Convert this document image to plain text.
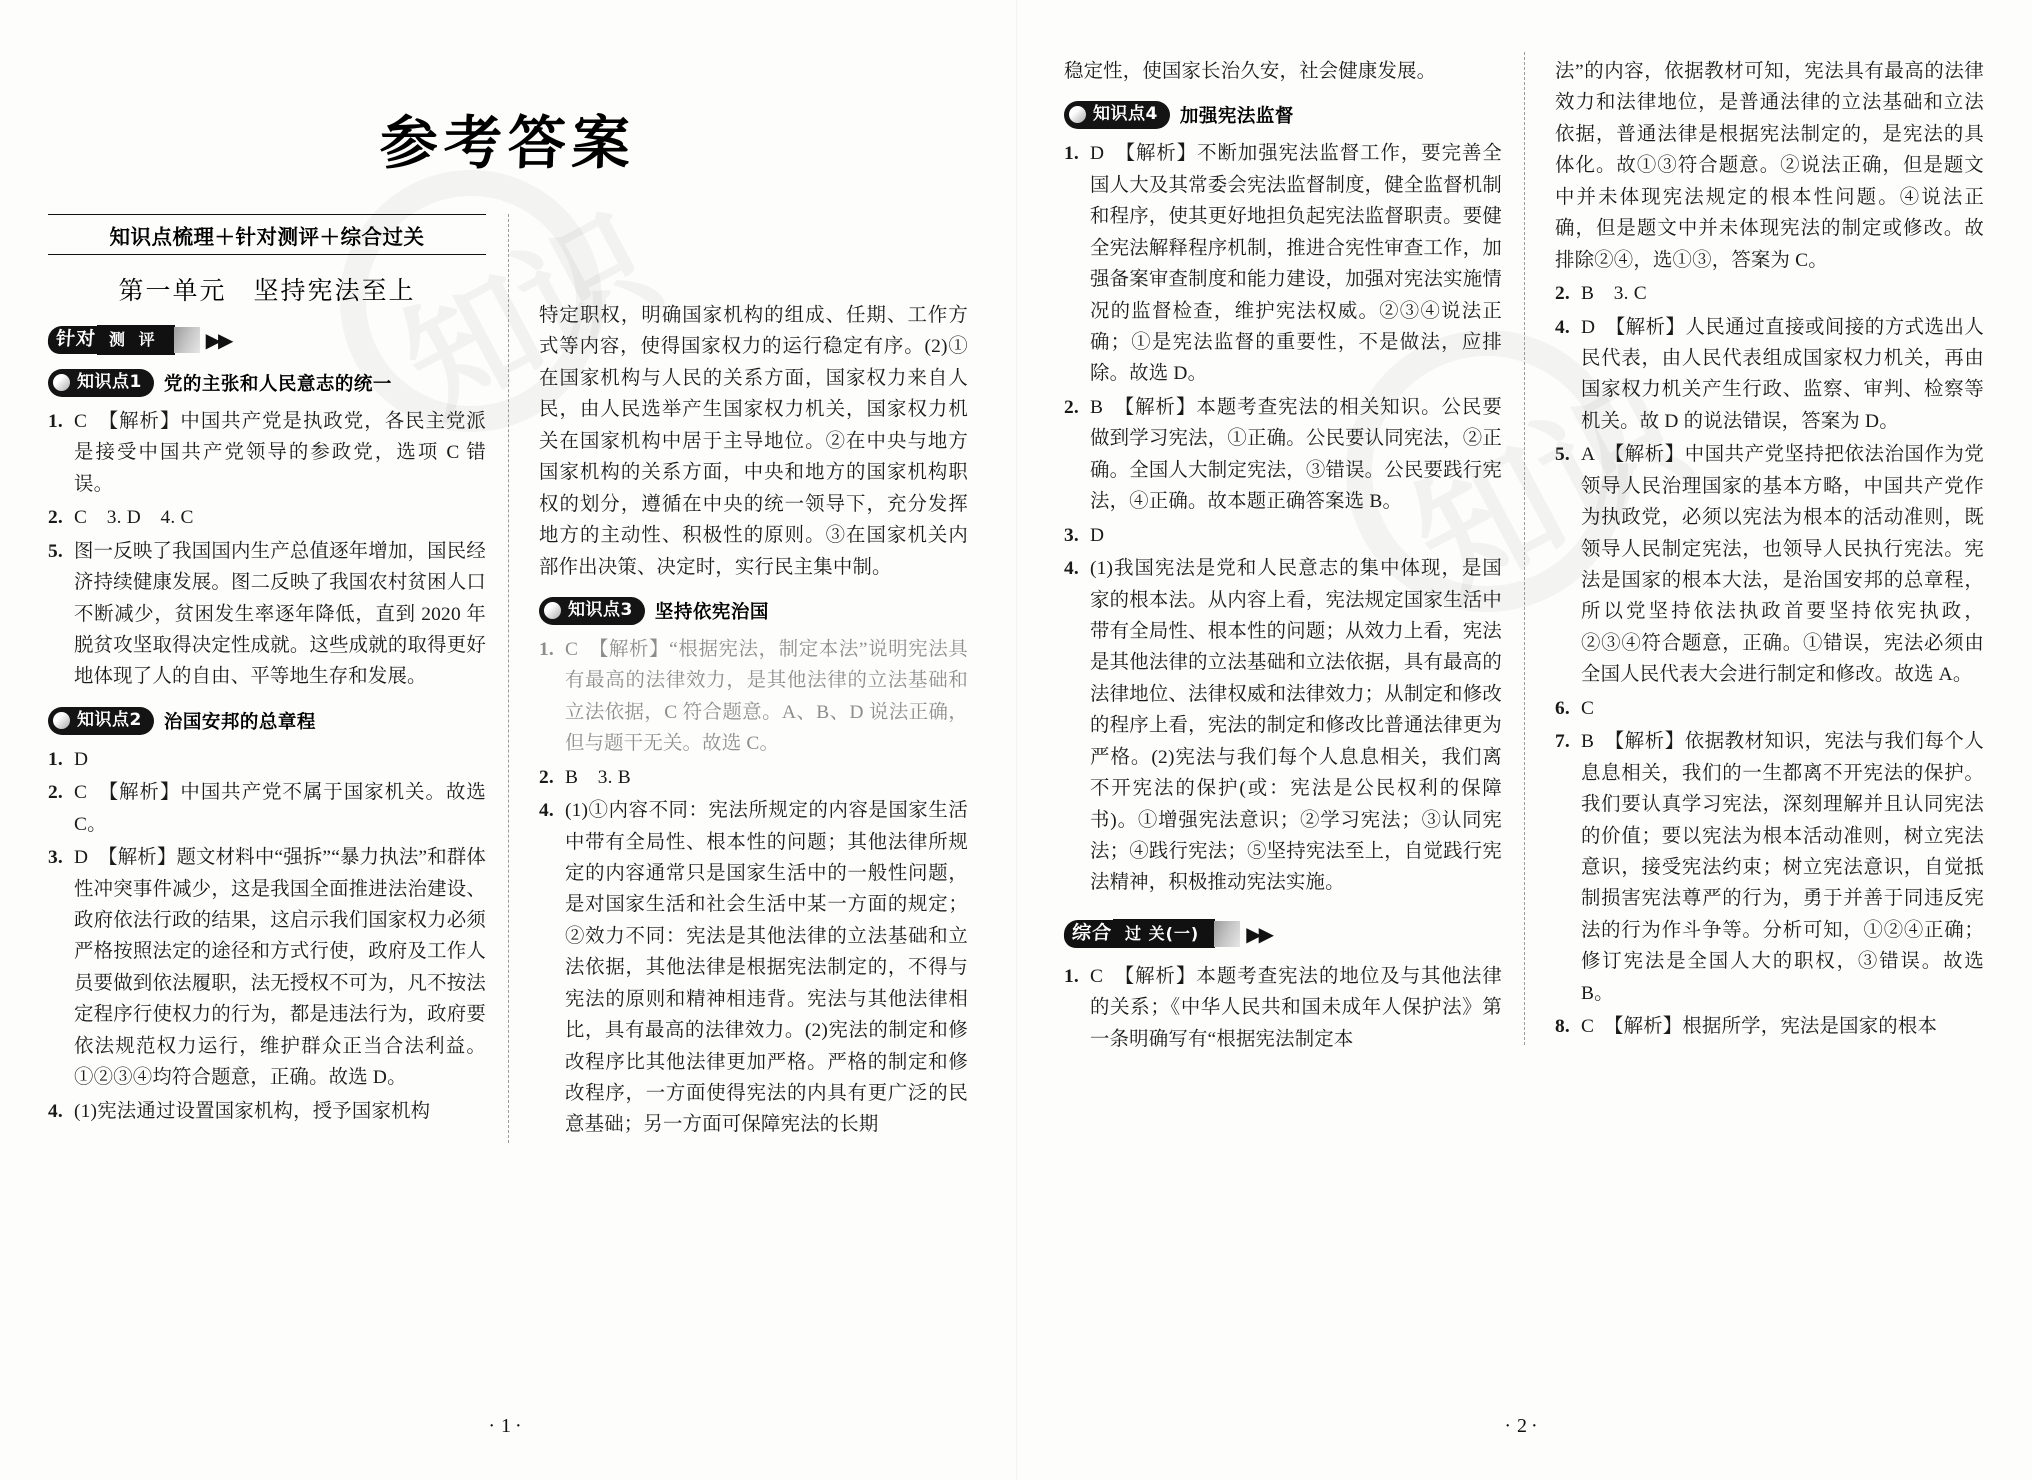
参考答案
知识点梳理＋针对测评＋综合过关
第一单元　坚持宪法至上
针对 测 评	▶▶
知识点1 党的主张和人民意志的统一

1. C　【解析】中国共产党是执政党，各民主党派是接受中国共产党领导的参政党，选项 C 错误。

2. C　3. D　4. C

5. 图一反映了我国国内生产总值逐年增加，国民经济持续健康发展。图二反映了我国农村贫困人口不断减少，贫困发生率逐年降低，直到 2020 年脱贫攻坚取得决定性成就。这些成就的取得更好地体现了人的自由、平等地生存和发展。

知识点2 治国安邦的总章程

1. D

2. C　【解析】中国共产党不属于国家机关。故选 C。

3. D　【解析】题文材料中“强拆”“暴力执法”和群体性冲突事件减少，这是我国全面推进法治建设、政府依法行政的结果，这启示我们国家权力必须严格按照法定的途径和方式行使，政府及工作人员要做到依法履职，法无授权不可为，凡不按法定程序行使权力的行为，都是违法行为，政府要依法规范权力运行，维护群众正当合法利益。①②③④均符合题意，正确。故选 D。

4. (1)宪法通过设置国家机构，授予国家机构

特定职权，明确国家机构的组成、任期、工作方式等内容，使得国家权力的运行稳定有序。(2)①在国家机构与人民的关系方面，国家权力来自人民，由人民选举产生国家权力机关，国家权力机关在国家机构中居于主导地位。②在中央与地方国家机构的关系方面，中央和地方的国家机构职权的划分，遵循在中央的统一领导下，充分发挥地方的主动性、积极性的原则。③在国家机关内部作出决策、决定时，实行民主集中制。

知识点3 坚持依宪治国

1. C　【解析】“根据宪法，制定本法”说明宪法具有最高的法律效力，是其他法律的立法基础和立法依据，C 符合题意。A、B、D 说法正确，但与题干无关。故选 C。

2. B　3. B

4. (1)①内容不同：宪法所规定的内容是国家生活中带有全局性、根本性的问题；其他法律所规定的内容通常只是国家生活中的一般性问题，是对国家生活和社会生活中某一方面的规定；②效力不同：宪法是其他法律的立法基础和立法依据，其他法律是根据宪法制定的，不得与宪法的原则和精神相违背。宪法与其他法律相比，具有最高的法律效力。(2)宪法的制定和修改程序比其他法律更加严格。严格的制定和修改程序，一方面使得宪法的内具有更广泛的民意基础；另一方面可保障宪法的长期

·1·

稳定性，使国家长治久安，社会健康发展。

知识点4 加强宪法监督

1. D　【解析】不断加强宪法监督工作，要完善全国人大及其常委会宪法监督制度，健全监督机制和程序，使其更好地担负起宪法监督职责。要健全宪法解释程序机制，推进合宪性审查工作，加强备案审查制度和能力建设，加强对宪法实施情况的监督检查，维护宪法权威。②③④说法正确；①是宪法监督的重要性，不是做法，应排除。故选 D。

2. B　【解析】本题考查宪法的相关知识。公民要做到学习宪法，①正确。公民要认同宪法，②正确。全国人大制定宪法，③错误。公民要践行宪法，④正确。故本题正确答案选 B。

3. D

4. (1)我国宪法是党和人民意志的集中体现，是国家的根本法。从内容上看，宪法规定国家生活中带有全局性、根本性的问题；从效力上看，宪法是其他法律的立法基础和立法依据，具有最高的法律地位、法律权威和法律效力；从制定和修改的程序上看，宪法的制定和修改比普通法律更为严格。(2)宪法与我们每个人息息相关，我们离不开宪法的保护(或：宪法是公民权利的保障书)。①增强宪法意识；②学习宪法；③认同宪法；④践行宪法；⑤坚持宪法至上，自觉践行宪法精神，积极推动宪法实施。

综合 过 关(一)	▶▶

1. C　【解析】本题考查宪法的地位及与其他法律的关系；《中华人民共和国未成年人保护法》第一条明确写有“根据宪法制定本

法”的内容，依据教材可知，宪法具有最高的法律效力和法律地位，是普通法律的立法基础和立法依据，普通法律是根据宪法制定的，是宪法的具体化。故①③符合题意。②说法正确，但是题文中并未体现宪法规定的根本性问题。④说法正确，但是题文中并未体现宪法的制定或修改。故排除②④，选①③，答案为 C。

2. B　3. C

4. D　【解析】人民通过直接或间接的方式选出人民代表，由人民代表组成国家权力机关，再由国家权力机关产生行政、监察、审判、检察等机关。故 D 的说法错误，答案为 D。

5. A　【解析】中国共产党坚持把依法治国作为党领导人民治理国家的基本方略，中国共产党作为执政党，必须以宪法为根本的活动准则，既领导人民制定宪法，也领导人民执行宪法。宪法是国家的根本大法，是治国安邦的总章程，所以党坚持依法执政首要坚持依宪执政，②③④符合题意，正确。①错误，宪法必须由全国人民代表大会进行制定和修改。故选 A。

6. C

7. B　【解析】依据教材知识，宪法与我们每个人息息相关，我们的一生都离不开宪法的保护。我们要认真学习宪法，深刻理解并且认同宪法的价值；要以宪法为根本活动准则，树立宪法意识，接受宪法约束；树立宪法意识，自觉抵制损害宪法尊严的行为，勇于并善于同违反宪法的行为作斗争等。分析可知，①②④正确；修订宪法是全国人大的职权，③错误。故选 B。

8. C　【解析】根据所学，宪法是国家的根本

·2·
